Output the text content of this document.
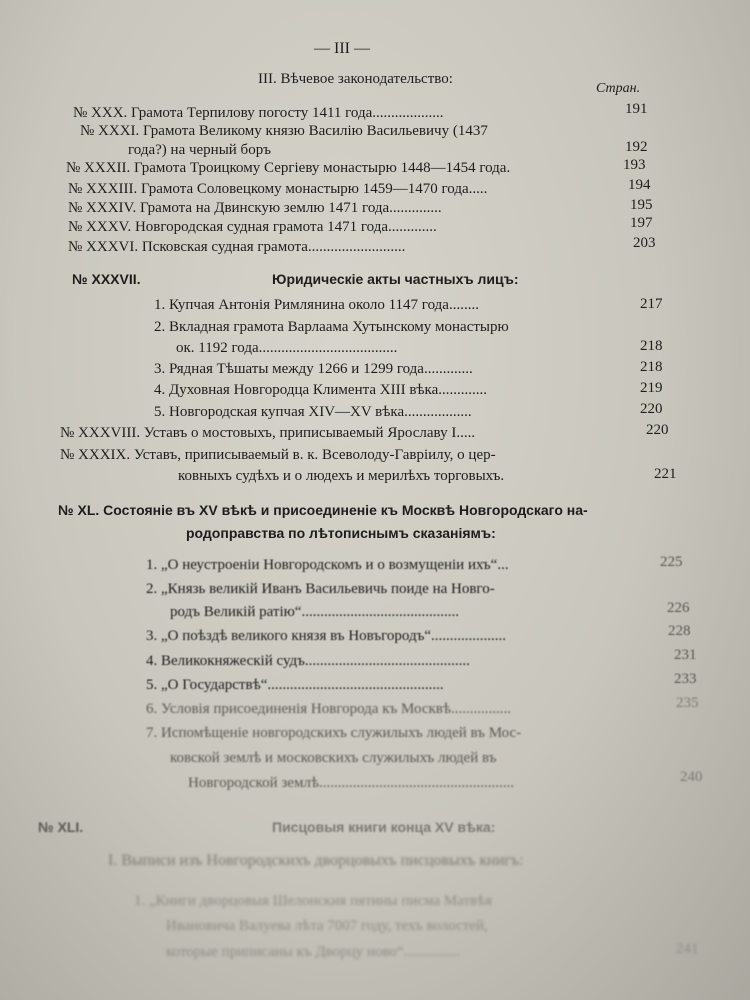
— III —
III. Вѣчевое законодательство:
Стран.
№ XXX. Грамота Терпилову погосту 1411 года...................	191
№ XXXI. Грамота Великому князю Василію Васильевичу (1437
года?) на черный боръ	192
№ XXXII. Грамота Троицкому Сергіеву монастырю 1448—1454 года.	193
№ XXXIII. Грамота Соловецкому монастырю 1459—1470 года.....	194
№ XXXIV. Грамота на Двинскую землю 1471 года..............	195
№ XXXV. Новгородская судная грамота 1471 года.............	197
№ XXXVI. Псковская судная грамота..........................	203
№ XXXVII.	Юридическіе акты частныхъ лицъ:
1. Купчая Антонія Римлянина около 1147 года........	217
2. Вкладная грамота Варлаама Хутынскому монастырю
ок. 1192 года.....................................	218
3. Рядная Тѣшаты между 1266 и 1299 года.............	218
4. Духовная Новгородца Климента XIII вѣка.............	219
5. Новгородская купчая XIV—XV вѣка..................	220
№ XXXVIII. Уставъ о мостовыхъ, приписываемый Ярославу I.....	220
№ XXXIX. Уставъ, приписываемый в. к. Всеволоду-Гавріилу, о цер-
ковныхъ судѣхъ и о людехъ и мерилѣхъ торговыхъ.	221
№ XL. Состояніе въ XV вѣкѣ и присоединеніе къ Москвѣ Новгородскаго на-
родоправства по лѣтописнымъ сказаніямъ:
1. „О неустроеніи Новгородскомъ и о возмущеніи ихъ“...	225
2. „Князь великій Иванъ Васильевичь поиде на Новго-
родъ Великій ратію“..........................................	226
3. „О поѣздѣ великого князя въ Новъгородъ“....................	228
4. Великокняжескій судъ............................................	231
5. „О Государствѣ“...............................................	233
6. Условія присоединенія Новгорода къ Москвѣ................	235
7. Испомѣщеніе новгородскихъ служилыхъ людей въ Мос-
ковской землѣ и московскихъ служилыхъ людей въ
Новгородской землѣ....................................................	240
№ XLI.	Писцовыя книги конца XV вѣка:
I. Выписи изъ Новгородскихъ дворцовыхъ писцовыхъ книгъ:
1. „Книги дворцовыя Шелонския пятины писма Матвѣя
Ивановича Валуева лѣта 7007 году, техъ волостей,
которые приписаны къ Дворцу ново“...............	241
